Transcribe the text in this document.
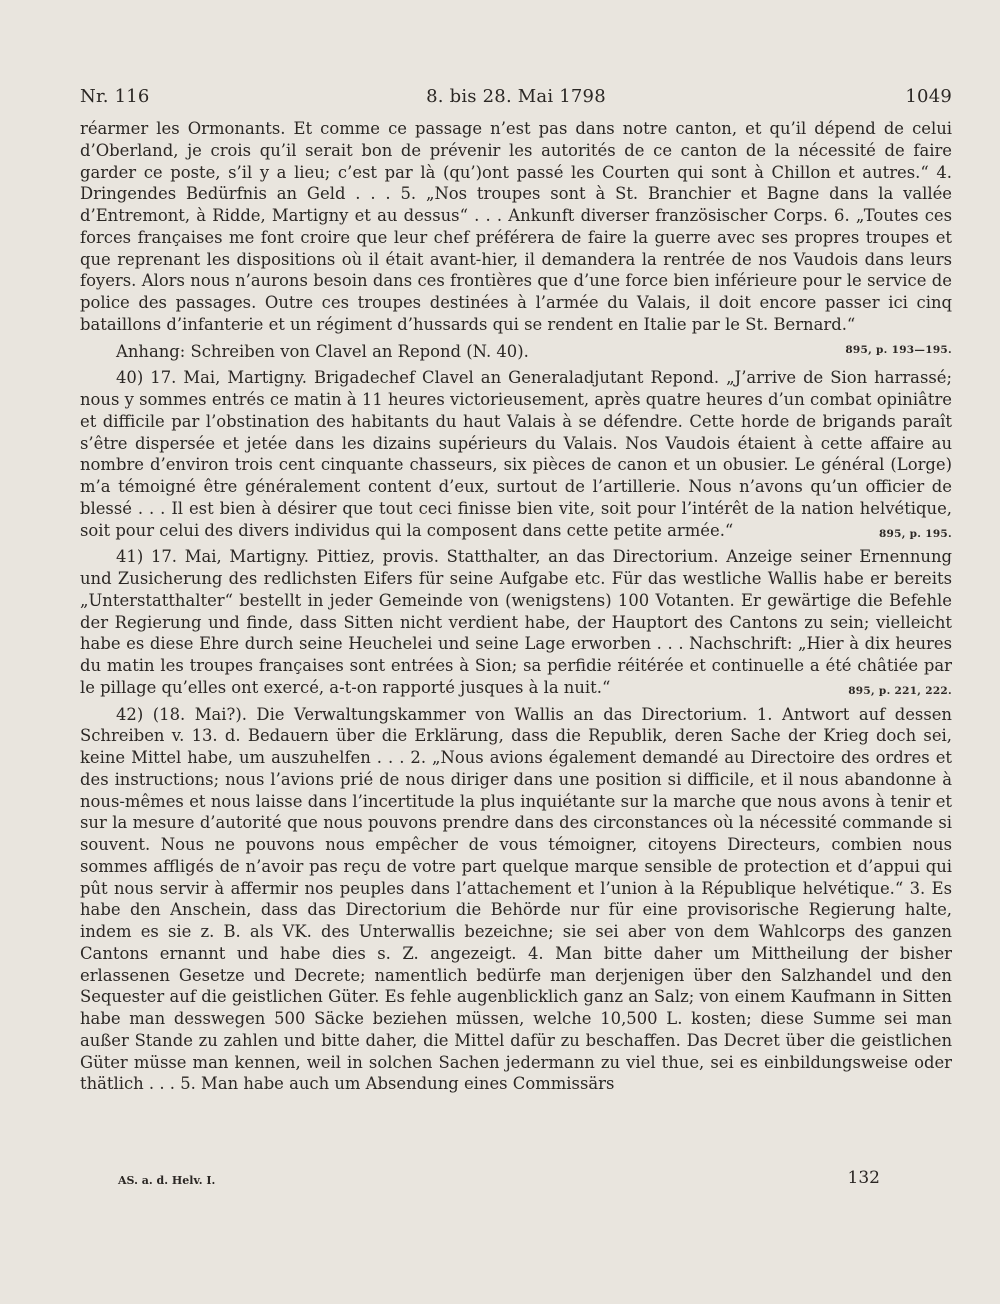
Nr. 116	8. bis 28. Mai 1798	1049

réarmer les Ormonants. Et comme ce passage n’est pas dans notre canton, et qu’il dépend de celui d’Oberland, je crois qu’il serait bon de prévenir les autorités de ce canton de la nécessité de faire garder ce poste, s’il y a lieu; c’est par là (qu’)ont passé les Courten qui sont à Chillon et autres.“ 4. Dringendes Bedürfnis an Geld . . . 5. „Nos troupes sont à St. Branchier et Bagne dans la vallée d’Entremont, à Ridde, Martigny et au dessus“ . . . Ankunft diverser französischer Corps. 6. „Toutes ces forces françaises me font croire que leur chef préférera de faire la guerre avec ses propres troupes et que reprenant les dispositions où il était avant-hier, il demandera la rentrée de nos Vaudois dans leurs foyers. Alors nous n’aurons besoin dans ces frontières que d’une force bien inférieure pour le service de police des passages. Outre ces troupes destinées à l’armée du Valais, il doit encore passer ici cinq bataillons d’infanterie et un régiment d’hussards qui se rendent en Italie par le St. Bernard.“
895, p. 193—195.

Anhang: Schreiben von Clavel an Repond (N. 40).

40) 17. Mai, Martigny. Brigadechef Clavel an Generaladjutant Repond. „J’arrive de Sion harrassé; nous y sommes entrés ce matin à 11 heures victorieusement, après quatre heures d’un combat opiniâtre et difficile par l’obstination des habitants du haut Valais à se défendre. Cette horde de brigands paraît s’être dispersée et jetée dans les dizains supérieurs du Valais. Nos Vaudois étaient à cette affaire au nombre d’environ trois cent cinquante chasseurs, six pièces de canon et un obusier. Le général (Lorge) m’a témoigné être généralement content d’eux, surtout de l’artillerie. Nous n’avons qu’un officier de blessé . . . Il est bien à désirer que tout ceci finisse bien vite, soit pour l’intérêt de la nation helvétique, soit pour celui des divers individus qui la composent dans cette petite armée.“	895, p. 195.

41) 17. Mai, Martigny. Pittiez, provis. Statthalter, an das Directorium. Anzeige seiner Ernennung und Zusicherung des redlichsten Eifers für seine Aufgabe etc. Für das westliche Wallis habe er bereits „Unterstatthalter“ bestellt in jeder Gemeinde von (wenigstens) 100 Votanten. Er gewärtige die Befehle der Regierung und finde, dass Sitten nicht verdient habe, der Hauptort des Cantons zu sein; vielleicht habe es diese Ehre durch seine Heuchelei und seine Lage erworben . . . Nachschrift: „Hier à dix heures du matin les troupes françaises sont entrées à Sion; sa perfidie réitérée et continuelle a été châtiée par le pillage qu’elles ont exercé, a-t-on rapporté jusques à la nuit.“	895, p. 221, 222.

42) (18. Mai?). Die Verwaltungskammer von Wallis an das Directorium. 1. Antwort auf dessen Schreiben v. 13. d. Bedauern über die Erklärung, dass die Republik, deren Sache der Krieg doch sei, keine Mittel habe, um auszuhelfen . . . 2. „Nous avions également demandé au Directoire des ordres et des instructions; nous l’avions prié de nous diriger dans une position si difficile, et il nous abandonne à nous-mêmes et nous laisse dans l’incertitude la plus inquiétante sur la marche que nous avons à tenir et sur la mesure d’autorité que nous pouvons prendre dans des circonstances où la nécessité commande si souvent. Nous ne pouvons nous empêcher de vous témoigner, citoyens Directeurs, combien nous sommes affligés de n’avoir pas reçu de votre part quelque marque sensible de protection et d’appui qui pût nous servir à affermir nos peuples dans l’attachement et l’union à la République helvétique.“ 3. Es habe den Anschein, dass das Directorium die Behörde nur für eine provisorische Regierung halte, indem es sie z. B. als VK. des Unterwallis bezeichne; sie sei aber von dem Wahlcorps des ganzen Cantons ernannt und habe dies s. Z. angezeigt. 4. Man bitte daher um Mittheilung der bisher erlassenen Gesetze und Decrete; namentlich bedürfe man derjenigen über den Salzhandel und den Sequester auf die geistlichen Güter. Es fehle augenblicklich ganz an Salz; von einem Kaufmann in Sitten habe man desswegen 500 Säcke beziehen müssen, welche 10,500 L. kosten; diese Summe sei man außer Stande zu zahlen und bitte daher, die Mittel dafür zu beschaffen. Das Decret über die geistlichen Güter müsse man kennen, weil in solchen Sachen jedermann zu viel thue, sei es einbildungsweise oder thätlich . . . 5. Man habe auch um Absendung eines Commissärs

AS. a. d. Helv. I.	132
